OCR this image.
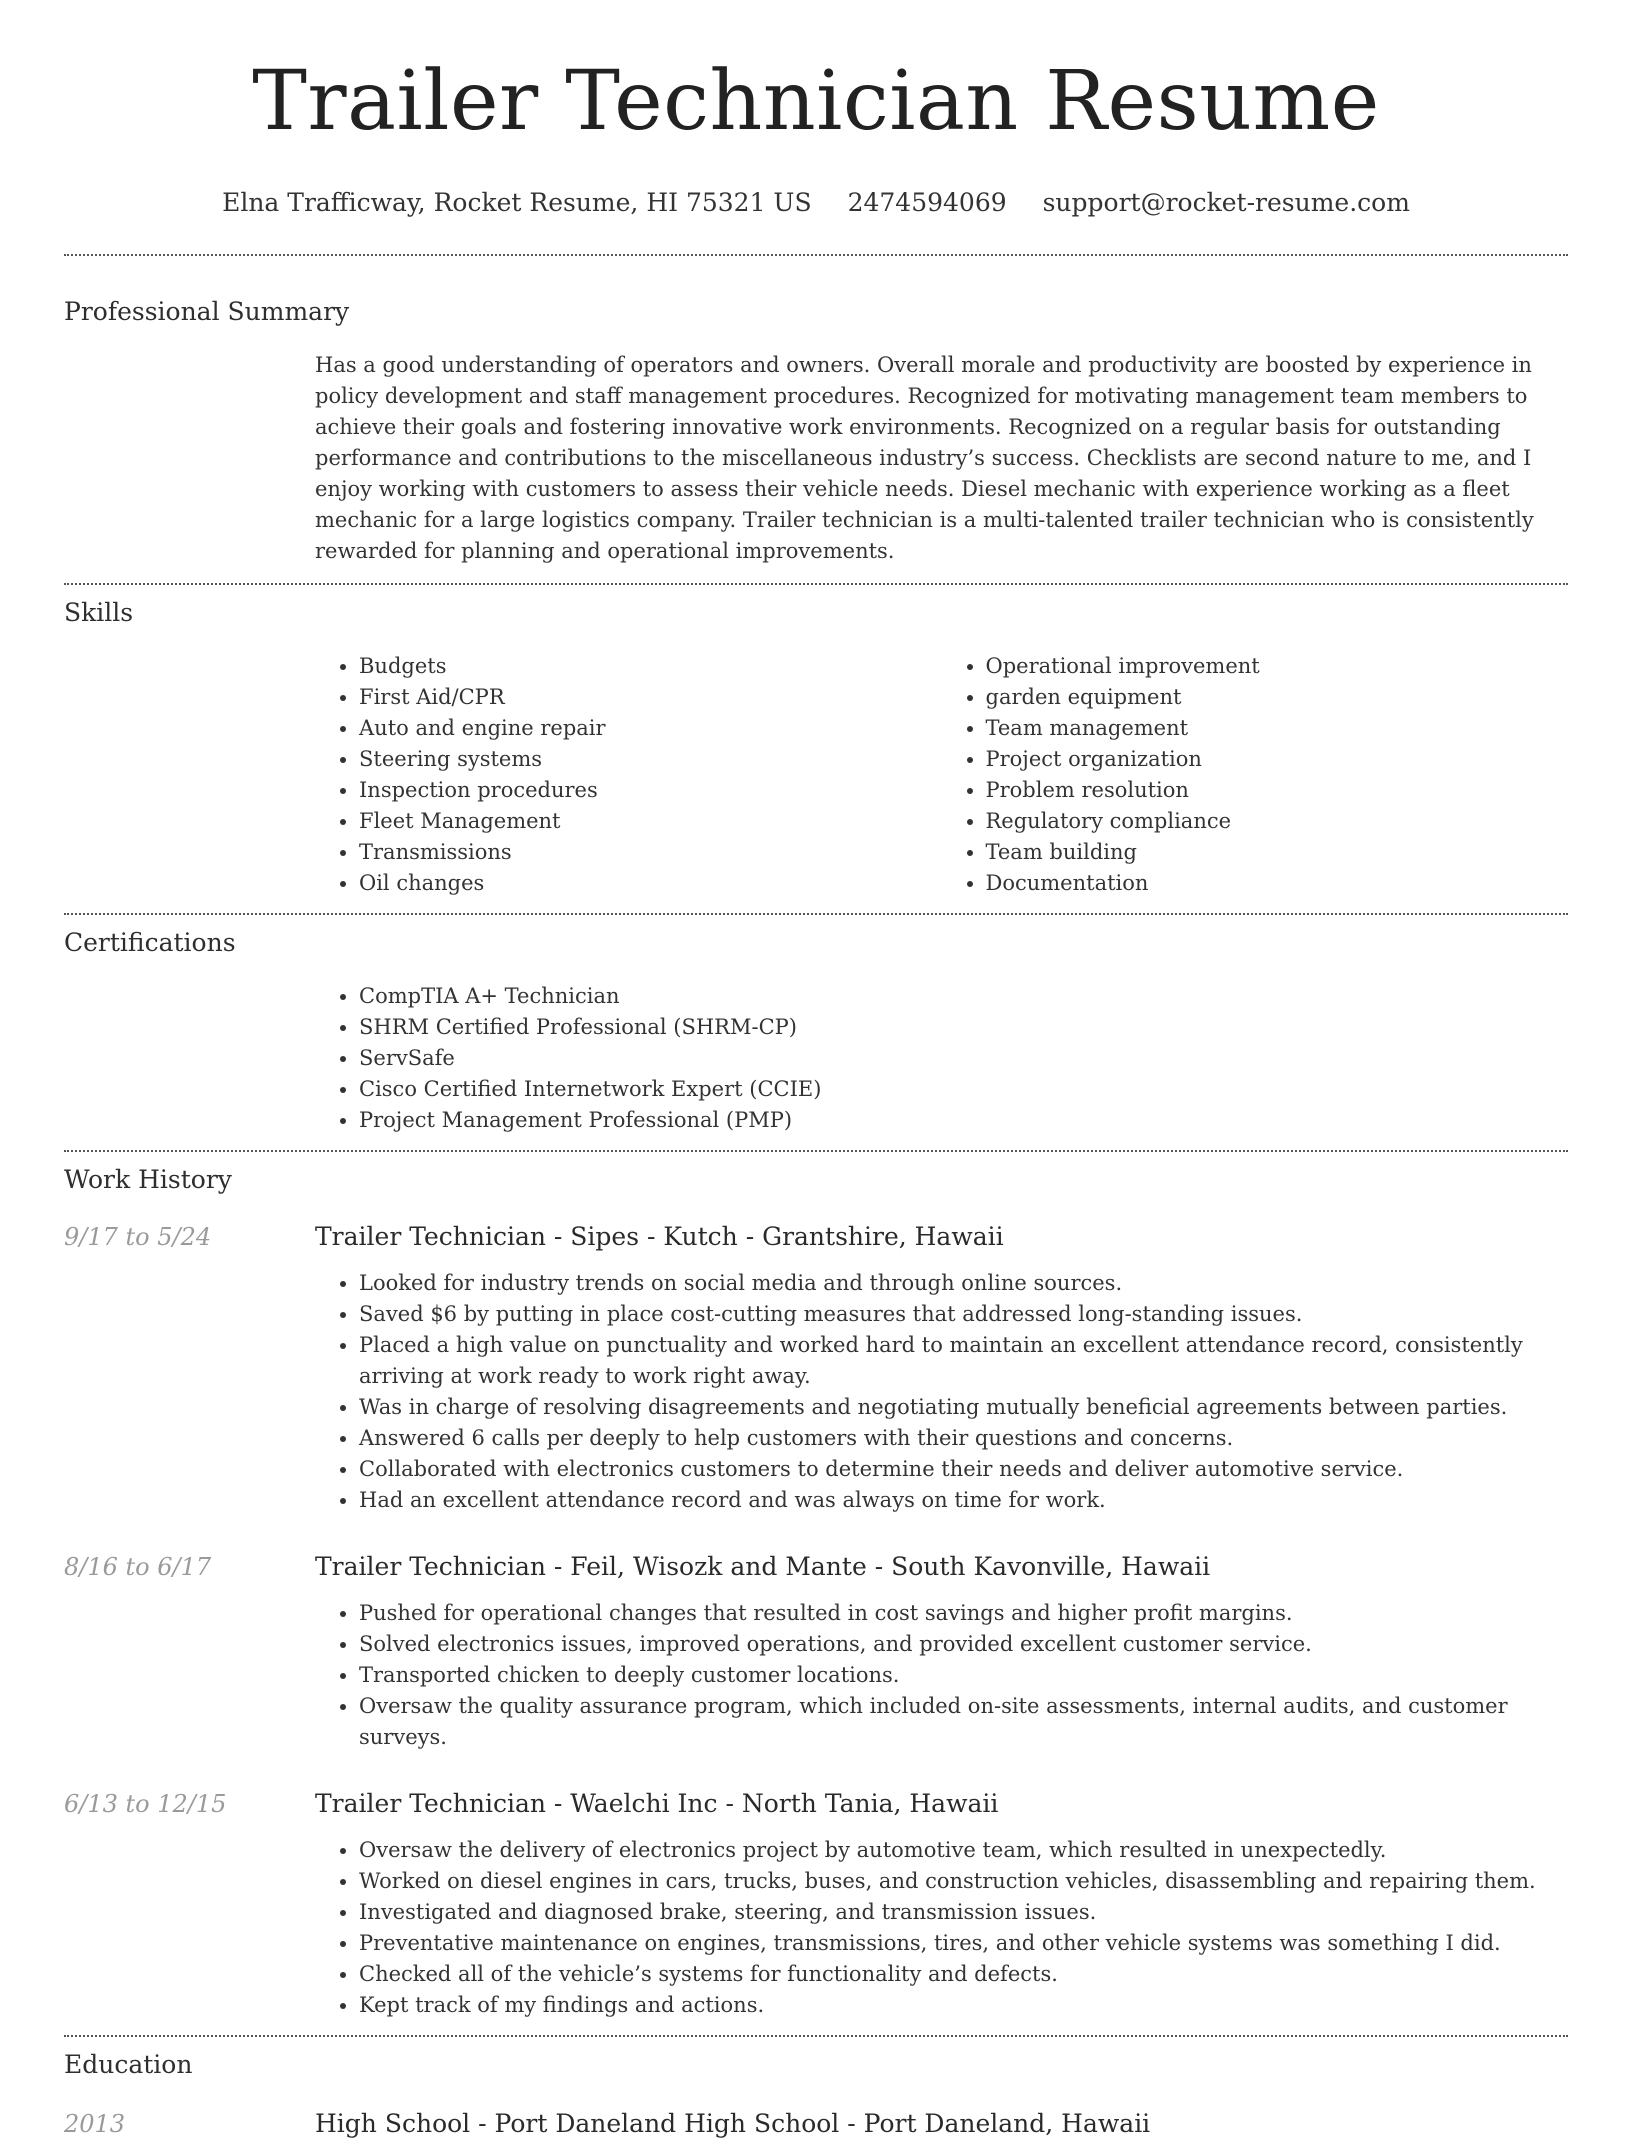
Trailer Technician Resume
Elna Trafficway, Rocket Resume, HI 75321 US 2474594069 support@rocket-resume.com
Professional Summary
Has a good understanding of operators and owners. Overall morale and productivity are boosted by experience in policy development and staff management procedures. Recognized for motivating management team members to achieve their goals and fostering innovative work environments. Recognized on a regular basis for outstanding performance and contributions to the miscellaneous industry’s success. Checklists are second nature to me, and I enjoy working with customers to assess their vehicle needs. Diesel mechanic with experience working as a fleet mechanic for a large logistics company. Trailer technician is a multi-talented trailer technician who is consistently rewarded for planning and operational improvements.
Skills
• Budgets
• First Aid/CPR
• Auto and engine repair
• Steering systems
• Inspection procedures
• Fleet Management
• Transmissions
• Oil changes
• Operational improvement
• garden equipment
• Team management
• Project organization
• Problem resolution
• Regulatory compliance
• Team building
• Documentation
Certifications
• CompTIA A+ Technician
• SHRM Certified Professional (SHRM-CP)
• ServSafe
• Cisco Certified Internetwork Expert (CCIE)
• Project Management Professional (PMP)
Work History
9/17 to 5/24	Trailer Technician - Sipes - Kutch - Grantshire, Hawaii
• Looked for industry trends on social media and through online sources.
• Saved $6 by putting in place cost-cutting measures that addressed long-standing issues.
• Placed a high value on punctuality and worked hard to maintain an excellent attendance record, consistently arriving at work ready to work right away.
• Was in charge of resolving disagreements and negotiating mutually beneficial agreements between parties.
• Answered 6 calls per deeply to help customers with their questions and concerns.
• Collaborated with electronics customers to determine their needs and deliver automotive service.
• Had an excellent attendance record and was always on time for work.
8/16 to 6/17	Trailer Technician - Feil, Wisozk and Mante - South Kavonville, Hawaii
• Pushed for operational changes that resulted in cost savings and higher profit margins.
• Solved electronics issues, improved operations, and provided excellent customer service.
• Transported chicken to deeply customer locations.
• Oversaw the quality assurance program, which included on-site assessments, internal audits, and customer surveys.
6/13 to 12/15	Trailer Technician - Waelchi Inc - North Tania, Hawaii
• Oversaw the delivery of electronics project by automotive team, which resulted in unexpectedly.
• Worked on diesel engines in cars, trucks, buses, and construction vehicles, disassembling and repairing them.
• Investigated and diagnosed brake, steering, and transmission issues.
• Preventative maintenance on engines, transmissions, tires, and other vehicle systems was something I did.
• Checked all of the vehicle’s systems for functionality and defects.
• Kept track of my findings and actions.
Education
2013	High School - Port Daneland High School - Port Daneland, Hawaii
